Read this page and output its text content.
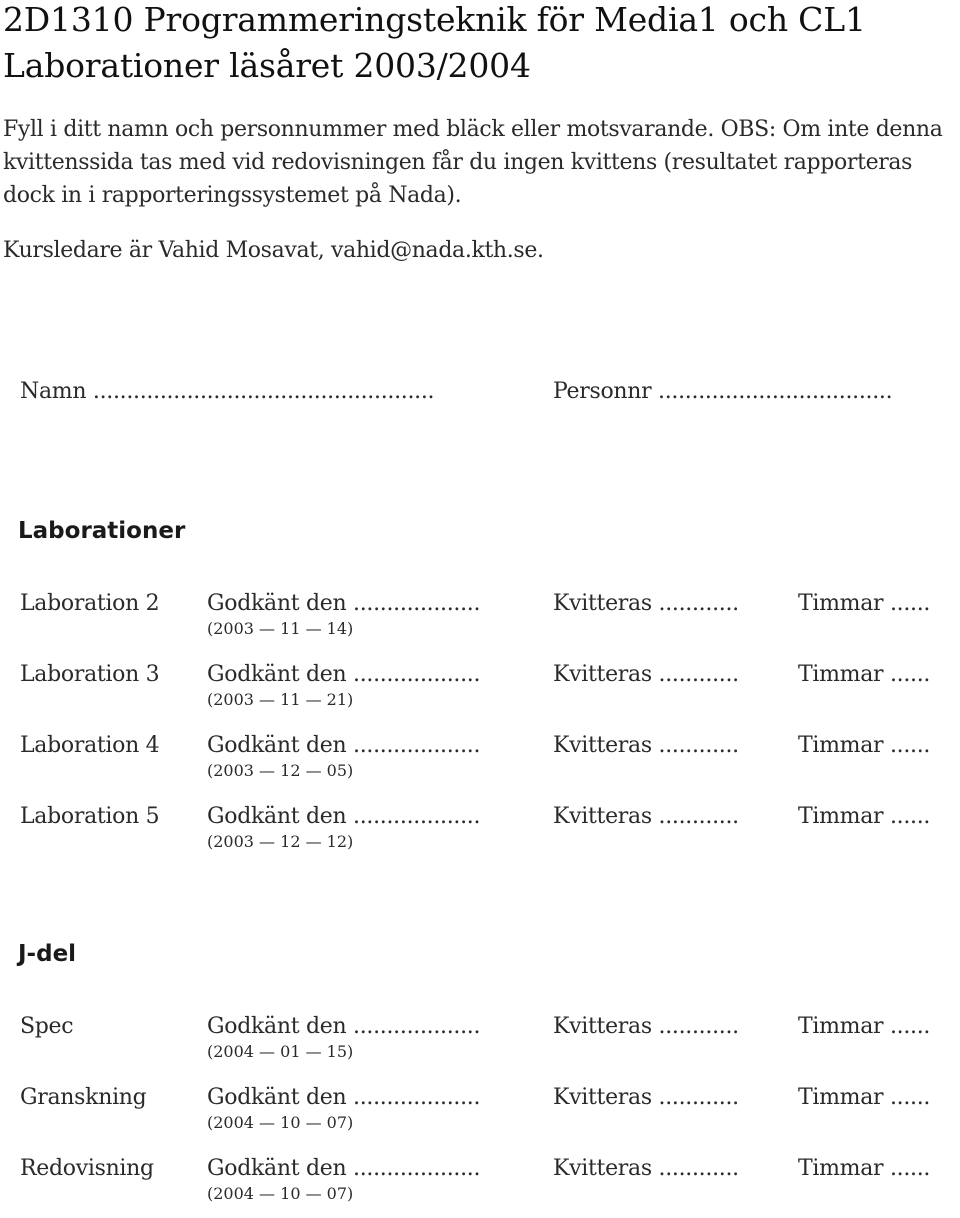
2D1310 Programmeringsteknik för Media1 och CL1
Laborationer läsåret 2003/2004
Fyll i ditt namn och personnummer med bläck eller motsvarande. OBS: Om inte denna kvittenssida tas med vid redovisningen får du ingen kvittens (resultatet rapporteras dock in i rapporteringssystemet på Nada).
Kursledare är Vahid Mosavat, vahid@nada.kth.se.
Namn ...................................................	Personnr ...................................
Laborationer
Laboration 2 Godkänt den ...................	Kvitteras ............	Timmar ......
(2003 — 11 — 14)
Laboration 3 Godkänt den ...................	Kvitteras ............	Timmar ......
(2003 — 11 — 21)
Laboration 4 Godkänt den ...................	Kvitteras ............	Timmar ......
(2003 — 12 — 05)
Laboration 5 Godkänt den ...................	Kvitteras ............	Timmar ......
(2003 — 12 — 12)
J-del
Spec	Godkänt den ...................	Kvitteras ............	Timmar ......
(2004 — 01 — 15)
Granskning	Godkänt den ...................	Kvitteras ............	Timmar ......
(2004 — 10 — 07)
Redovisning Godkänt den ...................	Kvitteras ............	Timmar ......
(2004 — 10 — 07)
